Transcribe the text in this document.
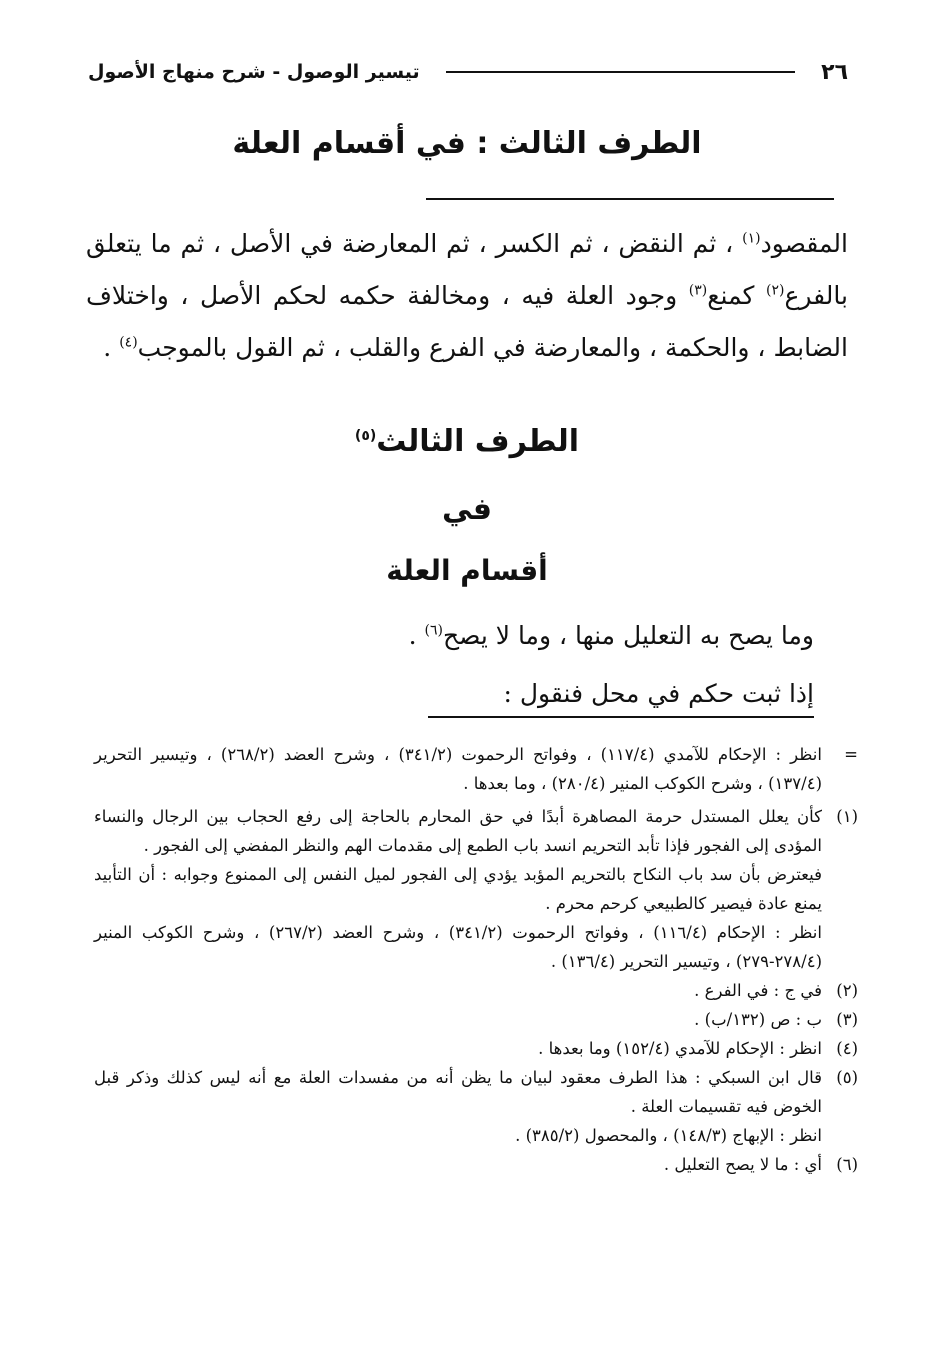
تيسير الوصول - شرح منهاج الأصول	٢٦
الطرف الثالث : في أقسام العلة
المقصود$^{(١)}$ ، ثم النقض ، ثم الكسر ، ثم المعارضة في الأصل ، ثم ما يتعلق بالفرع$^{(٢)}$ كمنع$^{(٣)}$ وجود العلة فيه ، ومخالفة حكمه لحكم الأصل ، واختلاف الضابط ، والحكمة ، والمعارضة في الفرع والقلب ، ثم القول بالموجب$^{(٤)}$ .
الطرف الثالث$^{(٥)}$
في
أقسام العلة
وما يصح به التعليل منها ، وما لا يصح$^{(٦)}$ .
إذا ثبت حكم في محل فنقول :
=

انظر : الإحكام للآمدي (١١٧/٤) ، وفواتح الرحموت (٣٤١/٢) ، وشرح العضد (٢٦٨/٢) ، وتيسير التحرير (١٣٧/٤) ، وشرح الكوكب المنير (٢٨٠/٤) ، وما بعدها .

(١)

كأن يعلل المستدل حرمة المصاهرة أبدًا في حق المحارم بالحاجة إلى رفع الحجاب بين الرجال والنساء المؤدى إلى الفجور فإذا تأبد التحريم انسد باب الطمع إلى مقدمات الهم والنظر المفضي إلى الفجور .

فيعترض بأن سد باب النكاح بالتحريم المؤبد يؤدي إلى الفجور لميل النفس إلى الممنوع وجوابه : أن التأبيد يمنع عادة فيصير كالطبيعي كرحم محرم .

انظر : الإحكام (١١٦/٤) ، وفواتح الرحموت (٣٤١/٢) ، وشرح العضد (٢٦٧/٢) ، وشرح الكوكب المنير (٢٧٨/٤-٢٧٩) ، وتيسير التحرير (١٣٦/٤) .

(٢)

في ج : في الفرع .

(٣)

ب : ص (١٣٢/ب) .

(٤)

انظر : الإحكام للآمدي (١٥٢/٤) وما بعدها .

(٥)

قال ابن السبكي : هذا الطرف معقود لبيان ما يظن أنه من مفسدات العلة مع أنه ليس كذلك وذكر قبل الخوض فيه تقسيمات العلة .

انظر : الإبهاج (١٤٨/٣) ، والمحصول (٣٨٥/٢) .

(٦)

أي : ما لا يصح التعليل .
